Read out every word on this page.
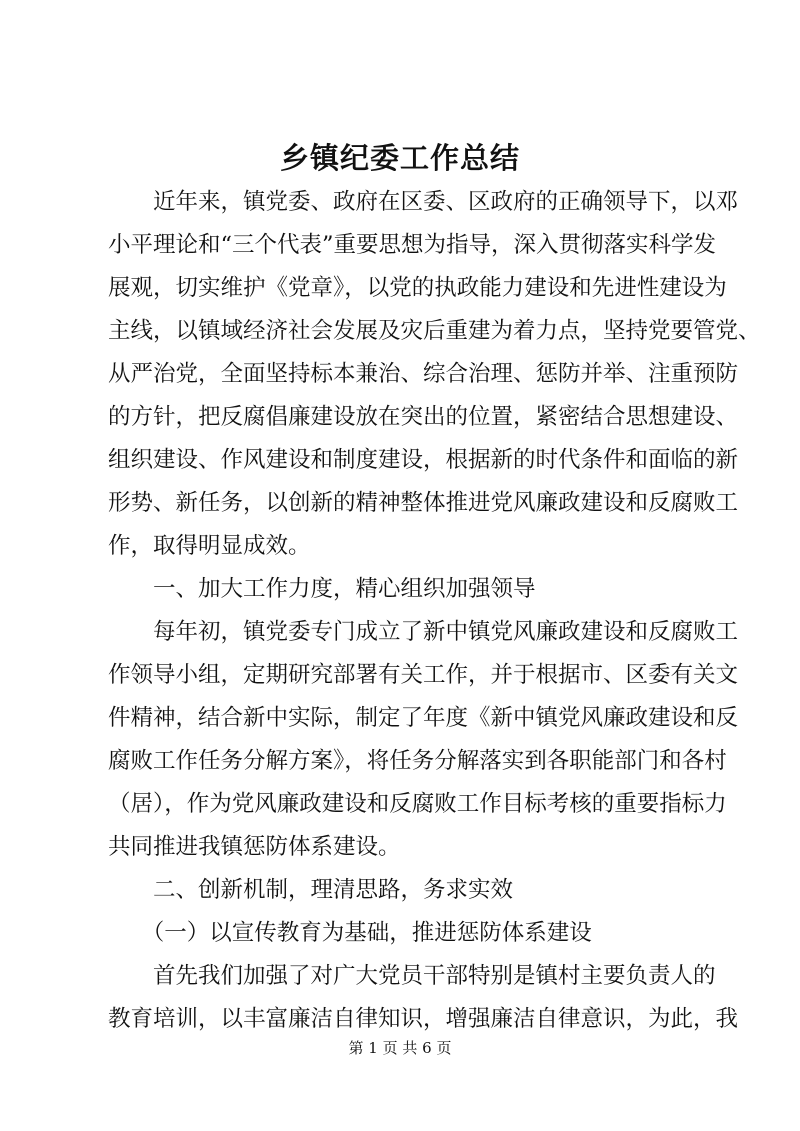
乡镇纪委工作总结

　　近年来，镇党委、政府在区委、区政府的正确领导下，以邓

小平理论和“三个代表”重要思想为指导，深入贯彻落实科学发

展观，切实维护《党章》，以党的执政能力建设和先进性建设为

主线，以镇域经济社会发展及灾后重建为着力点，坚持党要管党、

从严治党，全面坚持标本兼治、综合治理、惩防并举、注重预防

的方针，把反腐倡廉建设放在突出的位置，紧密结合思想建设、

组织建设、作风建设和制度建设，根据新的时代条件和面临的新

形势、新任务，以创新的精神整体推进党风廉政建设和反腐败工

作，取得明显成效。

　　一、加大工作力度，精心组织加强领导

　　每年初，镇党委专门成立了新中镇党风廉政建设和反腐败工

作领导小组，定期研究部署有关工作，并于根据市、区委有关文

件精神，结合新中实际，制定了年度《新中镇党风廉政建设和反

腐败工作任务分解方案》，将任务分解落实到各职能部门和各村

（居），作为党风廉政建设和反腐败工作目标考核的重要指标力

共同推进我镇惩防体系建设。

　　二、创新机制，理清思路，务求实效

　　（一）以宣传教育为基础，推进惩防体系建设

　　首先我们加强了对广大党员干部特别是镇村主要负责人的

教育培训，以丰富廉洁自律知识，增强廉洁自律意识，为此，我

第 1 页 共 6 页
